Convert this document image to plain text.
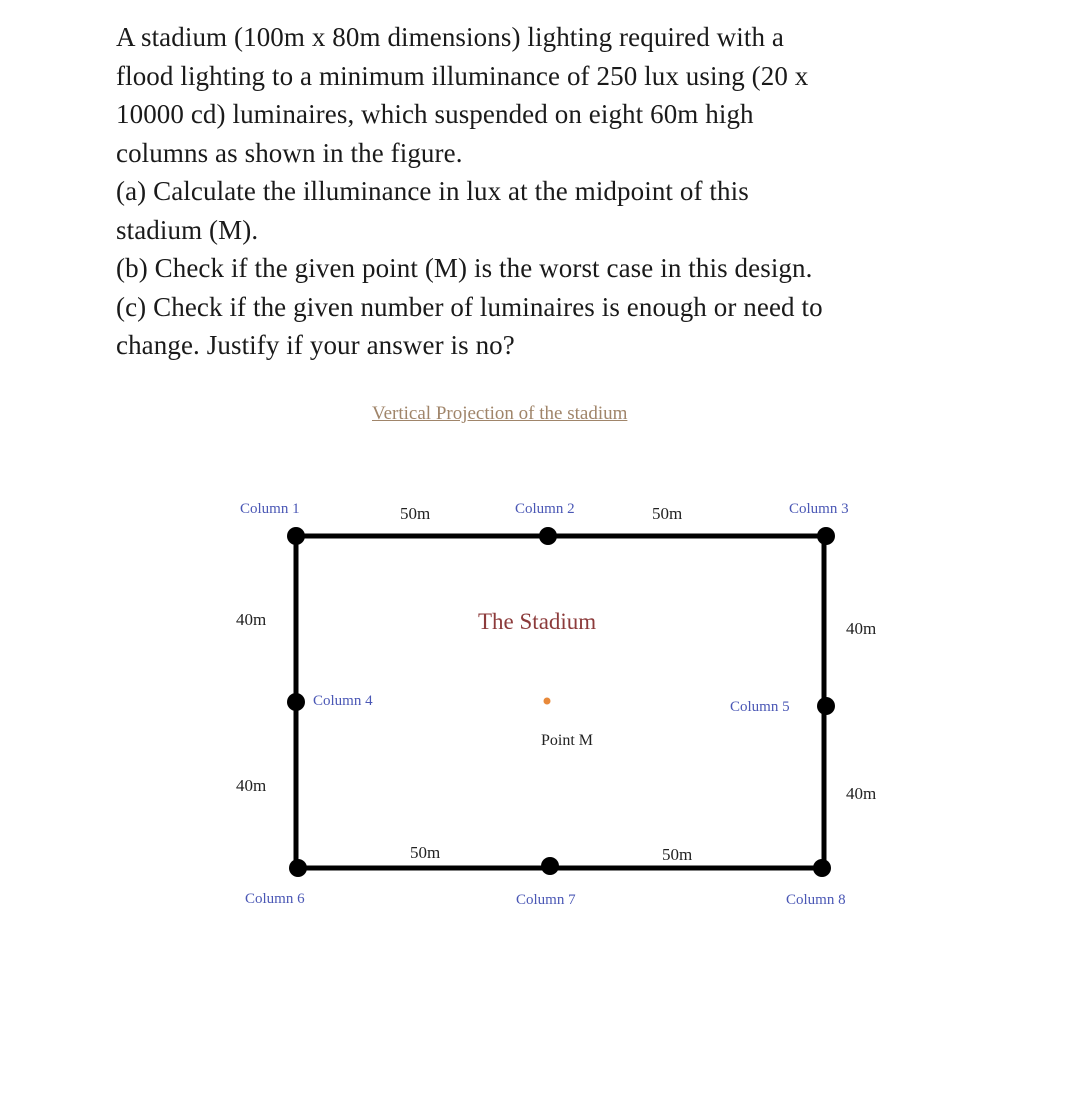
A stadium (100m x 80m dimensions) lighting required with a
flood lighting to a minimum illuminance of 250 lux using (20 x
10000 cd) luminaires, which suspended on eight 60m high
columns as shown in the figure.
(a) Calculate the illuminance in lux at the midpoint of this
stadium (M).
(b) Check if the given point (M) is the worst case in this design.
(c) Check if the given number of luminaires is enough or need to
change. Justify if your answer is no?
Vertical Projection of the stadium
Column 1	Column 2	Column 3
Column 4	Column 5
Column 6	Column 7	Column 8
50m	50m
40m
40m
40m
40m
50m	50m
The Stadium
Point M
